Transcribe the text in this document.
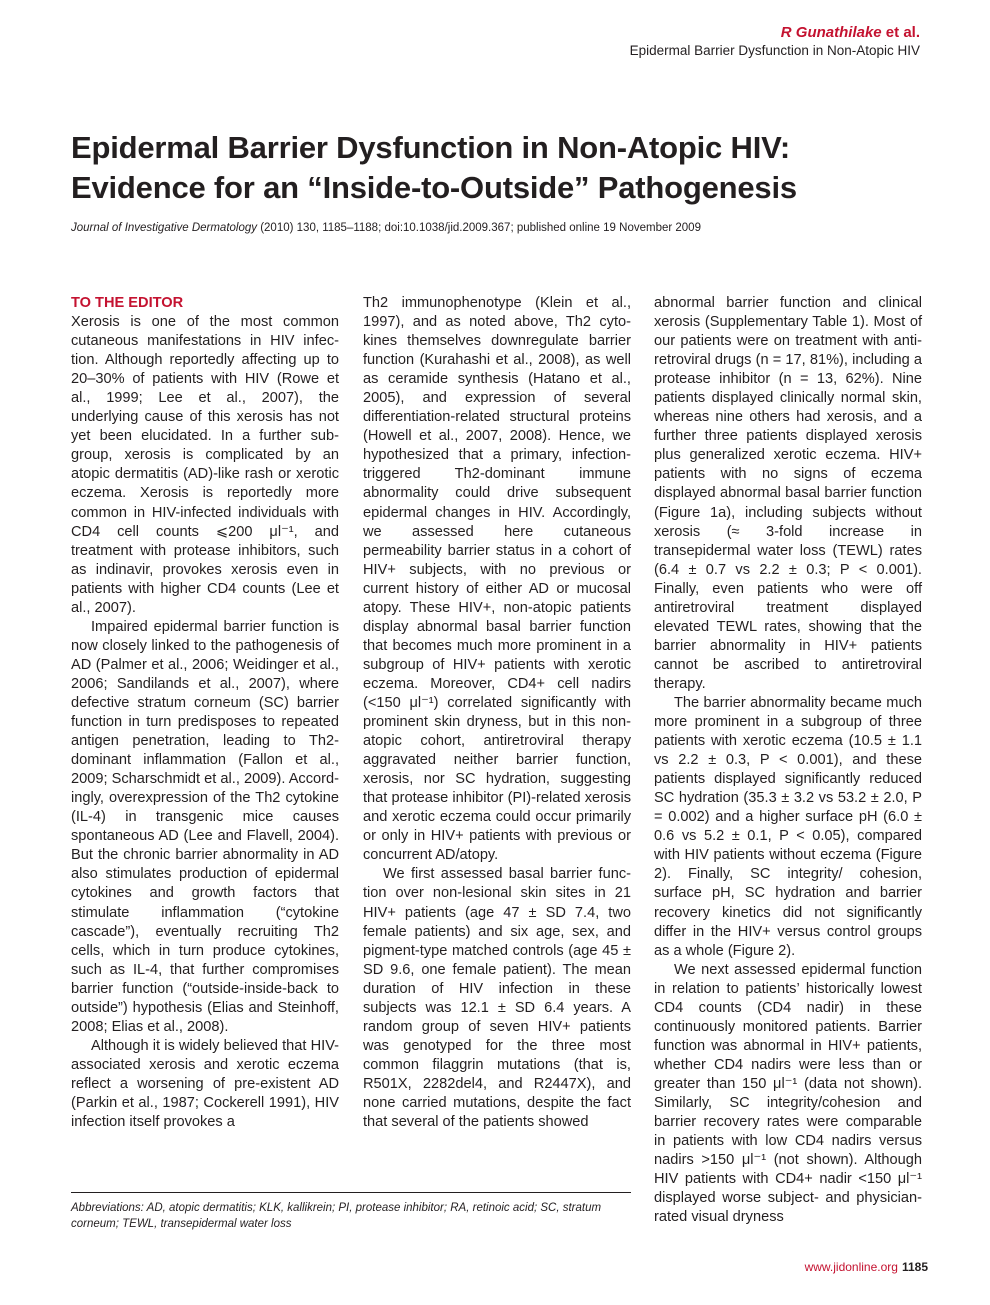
R Gunathilake et al.
Epidermal Barrier Dysfunction in Non-Atopic HIV
Epidermal Barrier Dysfunction in Non-Atopic HIV:
Evidence for an “Inside-to-Outside” Pathogenesis
Journal of Investigative Dermatology (2010) 130, 1185–1188; doi:10.1038/jid.2009.367; published online 19 November 2009

TO THE EDITOR

Xerosis is one of the most common cutaneous manifestations in HIV infection. Although reportedly affecting up to 20–30% of patients with HIV (Rowe et al., 1999; Lee et al., 2007), the underlying cause of this xerosis has not yet been elucidated. In a further subgroup, xerosis is complicated by an atopic dermatitis (AD)-like rash or xerotic eczema. Xerosis is reportedly more common in HIV-infected individuals with CD4 cell counts ⩽200 μl⁻¹, and treatment with protease inhibitors, such as indinavir, provokes xerosis even in patients with higher CD4 counts (Lee et al., 2007).

Impaired epidermal barrier function is now closely linked to the pathogenesis of AD (Palmer et al., 2006; Weidinger et al., 2006; Sandilands et al., 2007), where defective stratum corneum (SC) barrier function in turn predisposes to repeated antigen penetration, leading to Th2-dominant inflammation (Fallon et al., 2009; Scharschmidt et al., 2009). Accordingly, overexpression of the Th2 cytokine (IL-4) in transgenic mice causes spontaneous AD (Lee and Flavell, 2004). But the chronic barrier abnormality in AD also stimulates production of epidermal cytokines and growth factors that stimulate inflammation (“cytokine cascade”), eventually recruiting Th2 cells, which in turn produce cytokines, such as IL-4, that further compromises barrier function (“outside-inside-back to outside”) hypothesis (Elias and Steinhoff, 2008; Elias et al., 2008).

Although it is widely believed that HIV-associated xerosis and xerotic eczema reflect a worsening of pre-existent AD (Parkin et al., 1987; Cockerell 1991), HIV infection itself provokes a

Th2 immunophenotype (Klein et al., 1997), and as noted above, Th2 cytokines themselves downregulate barrier function (Kurahashi et al., 2008), as well as ceramide synthesis (Hatano et al., 2005), and expression of several differentiation-related structural proteins (Howell et al., 2007, 2008). Hence, we hypothesized that a primary, infection-triggered Th2-dominant immune abnormality could drive subsequent epidermal changes in HIV. Accordingly, we assessed here cutaneous permeability barrier status in a cohort of HIV+ subjects, with no previous or current history of either AD or mucosal atopy. These HIV+, non-atopic patients display abnormal basal barrier function that becomes much more prominent in a subgroup of HIV+ patients with xerotic eczema. Moreover, CD4+ cell nadirs (<150 μl⁻¹) correlated significantly with prominent skin dryness, but in this non-atopic cohort, antiretroviral therapy aggravated neither barrier function, xerosis, nor SC hydration, suggesting that protease inhibitor (PI)-related xerosis and xerotic eczema could occur primarily or only in HIV+ patients with previous or concurrent AD/atopy.

We first assessed basal barrier function over non-lesional skin sites in 21 HIV+ patients (age 47 ± SD 7.4, two female patients) and six age, sex, and pigment-type matched controls (age 45 ± SD 9.6, one female patient). The mean duration of HIV infection in these subjects was 12.1 ± SD 6.4 years. A random group of seven HIV+ patients was genotyped for the three most common filaggrin mutations (that is, R501X, 2282del4, and R2447X), and none carried mutations, despite the fact that several of the patients showed

abnormal barrier function and clinical xerosis (Supplementary Table 1). Most of our patients were on treatment with anti-retroviral drugs (n = 17, 81%), including a protease inhibitor (n = 13, 62%). Nine patients displayed clinically normal skin, whereas nine others had xerosis, and a further three patients displayed xerosis plus generalized xerotic eczema. HIV+ patients with no signs of eczema displayed abnormal basal barrier function (Figure 1a), including subjects without xerosis (≈ 3-fold increase in transepidermal water loss (TEWL) rates (6.4 ± 0.7 vs 2.2 ± 0.3; P < 0.001). Finally, even patients who were off antiretroviral treatment displayed elevated TEWL rates, showing that the barrier abnormality in HIV+ patients cannot be ascribed to antiretroviral therapy.

The barrier abnormality became much more prominent in a subgroup of three patients with xerotic eczema (10.5 ± 1.1 vs 2.2 ± 0.3, P < 0.001), and these patients displayed significantly reduced SC hydration (35.3 ± 3.2 vs 53.2 ± 2.0, P = 0.002) and a higher surface pH (6.0 ± 0.6 vs 5.2 ± 0.1, P < 0.05), compared with HIV patients without eczema (Figure 2). Finally, SC integrity/ cohesion, surface pH, SC hydration and barrier recovery kinetics did not significantly differ in the HIV+ versus control groups as a whole (Figure 2).

We next assessed epidermal function in relation to patients’ historically lowest CD4 counts (CD4 nadir) in these continuously monitored patients. Barrier function was abnormal in HIV+ patients, whether CD4 nadirs were less than or greater than 150 μl⁻¹ (data not shown). Similarly, SC integrity/cohesion and barrier recovery rates were comparable in patients with low CD4 nadirs versus nadirs >150 μl⁻¹ (not shown). Although HIV patients with CD4+ nadir <150 μl⁻¹ displayed worse subject- and physician-rated visual dryness

Abbreviations: AD, atopic dermatitis; KLK, kallikrein; PI, protease inhibitor; RA, retinoic acid; SC, stratum corneum; TEWL, transepidermal water loss

www.jidonline.org 1185
